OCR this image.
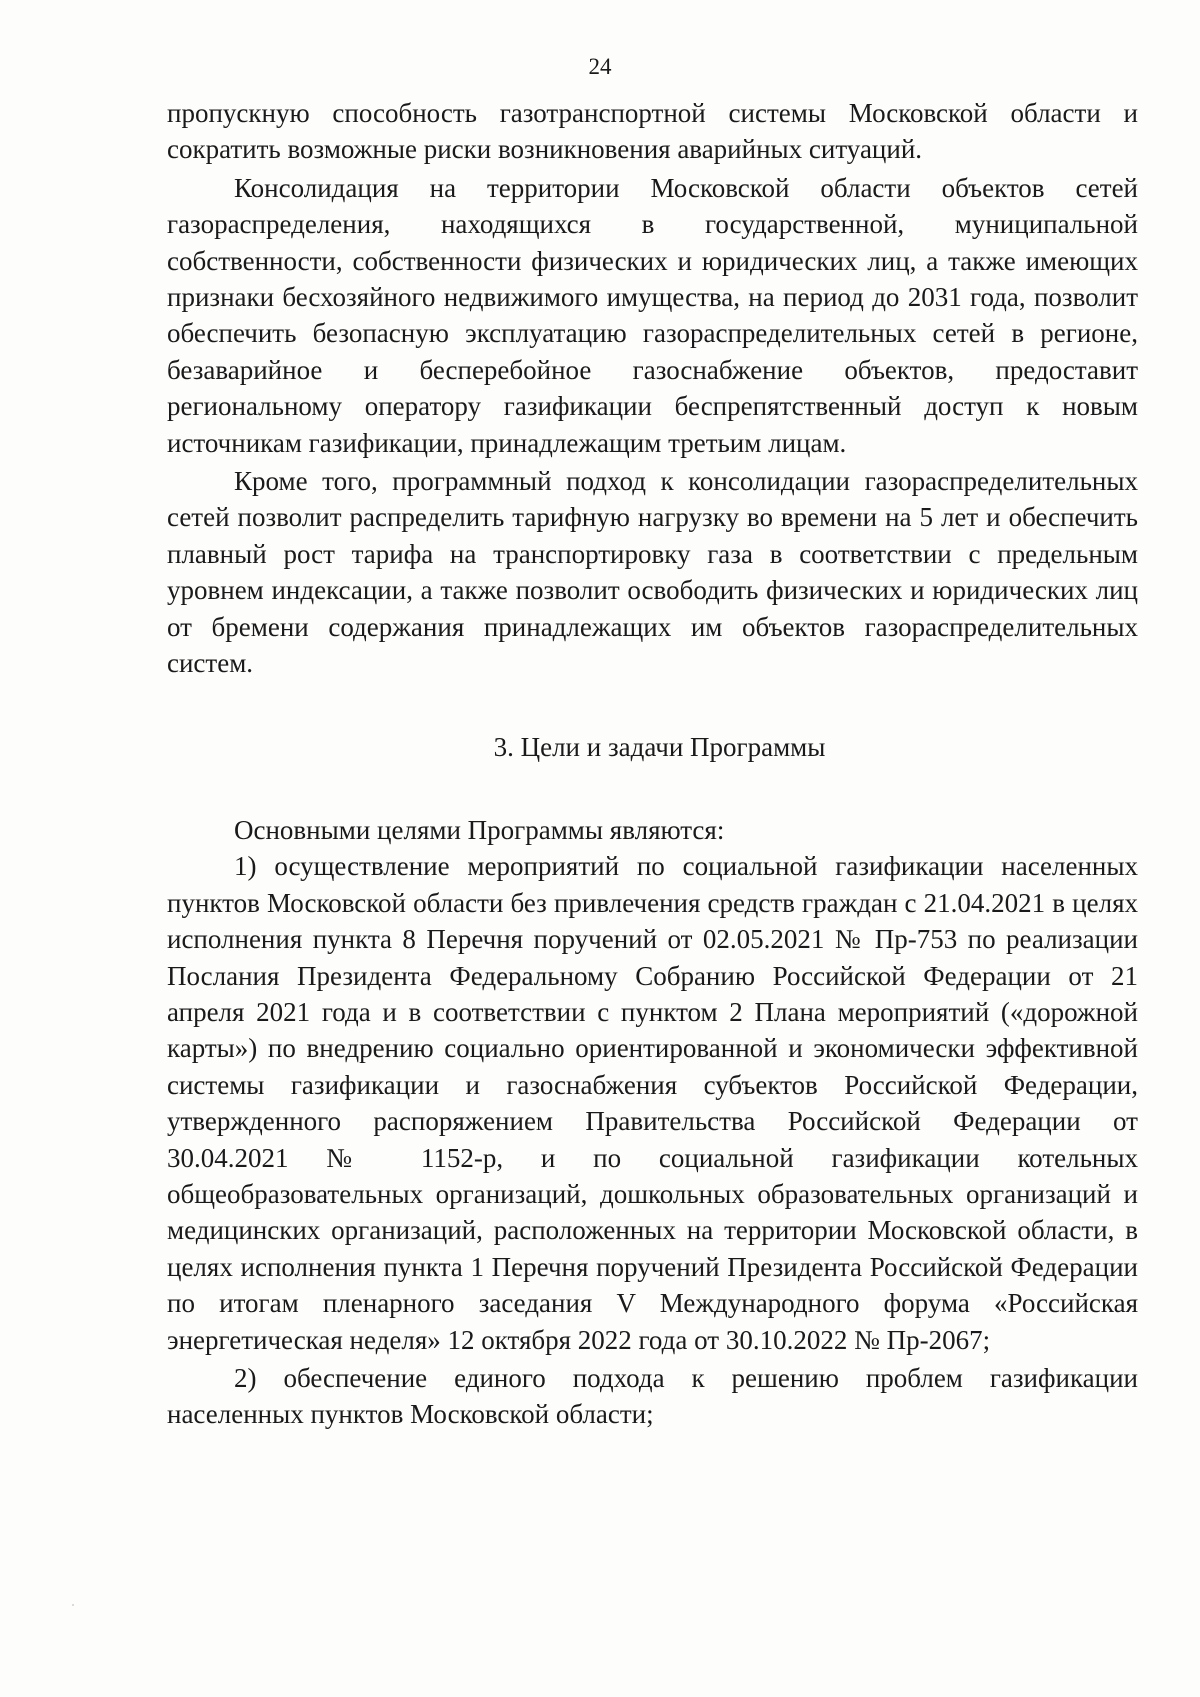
24

пропускную способность газотранспортной системы Московской области и сократить возможные риски возникновения аварийных ситуаций.

Консолидация на территории Московской области объектов сетей газораспределения, находящихся в государственной, муниципальной собственности, собственности физических и юридических лиц, а также имеющих признаки бесхозяйного недвижимого имущества, на период до 2031 года, позволит обеспечить безопасную эксплуатацию газораспределительных сетей в регионе, безаварийное и бесперебойное газоснабжение объектов, предоставит региональному оператору газификации беспрепятственный доступ к новым источникам газификации, принадлежащим третьим лицам.

Кроме того, программный подход к консолидации газораспределительных сетей позволит распределить тарифную нагрузку во времени на 5 лет и обеспечить плавный рост тарифа на транспортировку газа в соответствии с предельным уровнем индексации, а также позволит освободить физических и юридических лиц от бремени содержания принадлежащих им объектов газораспределительных систем.

3. Цели и задачи Программы

Основными целями Программы являются:

1) осуществление мероприятий по социальной газификации населенных пунктов Московской области без привлечения средств граждан с 21.04.2021 в целях исполнения пункта 8 Перечня поручений от 02.05.2021 № Пр-753 по реализации Послания Президента Федеральному Собранию Российской Федерации от 21 апреля 2021 года и в соответствии с пунктом 2 Плана мероприятий («дорожной карты») по внедрению социально ориентированной и экономически эффективной системы газификации и газоснабжения субъектов Российской Федерации, утвержденного распоряжением Правительства Российской Федерации от 30.04.2021 № 1152-р, и по социальной газификации котельных общеобразовательных организаций, дошкольных образовательных организаций и медицинских организаций, расположенных на территории Московской области, в целях исполнения пункта 1 Перечня поручений Президента Российской Федерации по итогам пленарного заседания V Международного форума «Российская энергетическая неделя» 12 октября 2022 года от 30.10.2022 № Пр-2067;

2) обеспечение единого подхода к решению проблем газификации населенных пунктов Московской области;
